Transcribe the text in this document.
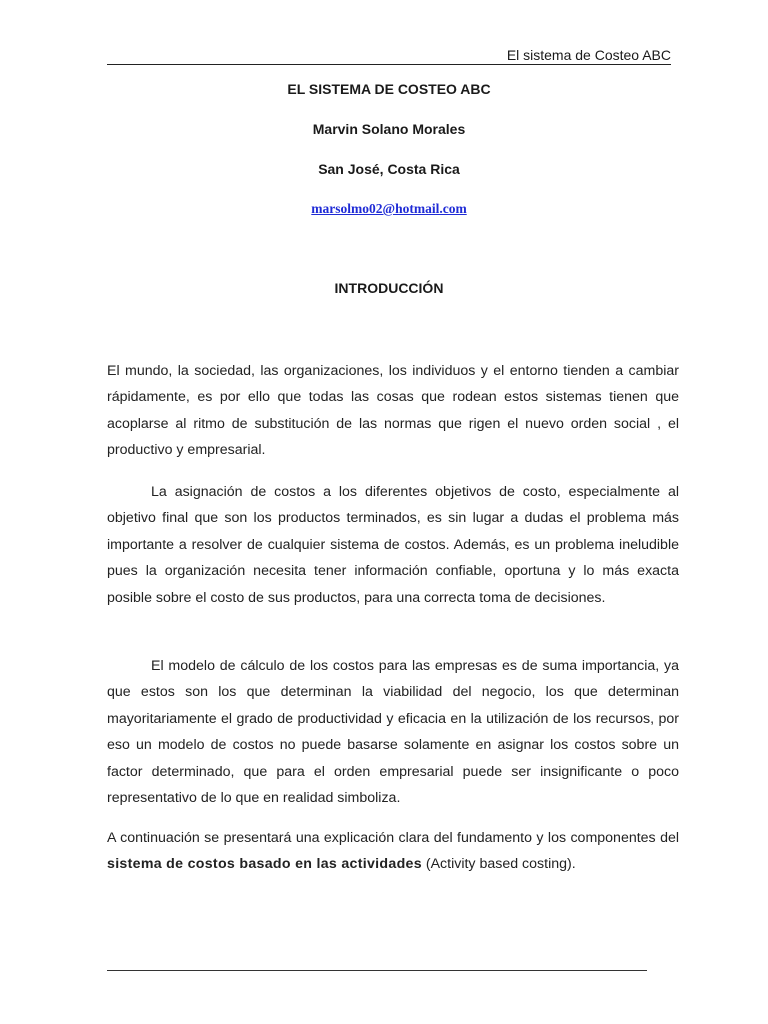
El sistema de Costeo ABC
EL SISTEMA DE COSTEO ABC
Marvin Solano Morales
San José, Costa Rica
marsolmo02@hotmail.com
INTRODUCCIÓN

El mundo, la sociedad, las organizaciones, los individuos y el entorno tienden a cambiar rápidamente, es por ello que todas las cosas que rodean estos sistemas tienen que acoplarse al ritmo de substitución de las normas que rigen el nuevo orden social , el productivo y empresarial.

La asignación de costos a los diferentes objetivos de costo, especialmente al objetivo final que son los productos terminados, es sin lugar a dudas el problema más importante a resolver de cualquier sistema de costos. Además, es un problema ineludible pues la organización necesita tener información confiable, oportuna y lo más exacta posible sobre el costo de sus productos, para una correcta toma de decisiones.

El modelo de cálculo de los costos para las empresas es de suma importancia, ya que estos son los que determinan la viabilidad del negocio, los que determinan mayoritariamente el grado de productividad y eficacia en la utilización de los recursos, por eso un modelo de costos no puede basarse solamente en asignar los costos sobre un factor determinado, que para el orden empresarial puede ser insignificante o poco representativo de lo que en realidad simboliza.

A continuación se presentará una explicación clara del fundamento y los componentes del sistema de costos basado en las actividades (Activity based costing).
